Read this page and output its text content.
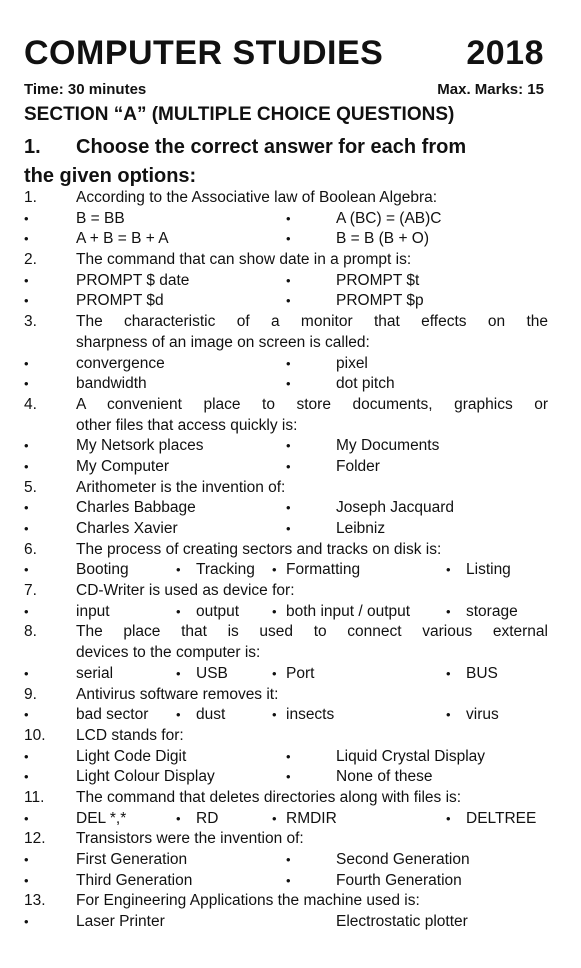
COMPUTER STUDIES 2018
Time: 30 minutes	Max. Marks: 15
SECTION “A” (MULTIPLE CHOICE QUESTIONS)
1. Choose the correct answer for each from
the given options:
1.	According to the Associative law of Boolean Algebra:
•	B = BB	•	A (BC) = (AB)C
•	A + B = B + A	•	B = B (B + O)
2.	The command that can show date in a prompt is:
•	PROMPT $ date	•	PROMPT $t
•	PROMPT $d	•	PROMPT $p
3.	The characteristic of a monitor that effects on the
sharpness of an image on screen is called:
•	convergence	•	pixel
•	bandwidth	•	dot pitch
4.	A convenient place to store documents, graphics or
other files that access quickly is:
•	My Netsork places	•	My Documents
•	My Computer	•	Folder
5.	Arithometer is the invention of:
•	Charles Babbage	•	Joseph Jacquard
•	Charles Xavier	•	Leibniz
6.	The process of creating sectors and tracks on disk is:
•	Booting	• Tracking • Formatting	• Listing
7.	CD-Writer is used as device for:
•	input	• output	• both input / output	• storage
8.	The place that is used to connect various external
devices to the computer is:
•	serial	• USB	• Port	• BUS
9.	Antivirus software removes it:
•	bad sector • dust	• insects	• virus
10. LCD stands for:
•	Light Code Digit	•	Liquid Crystal Display
•	Light Colour Display	•	None of these
11. The command that deletes directories along with files is:
•	DEL *,*	• RD	• RMDIR	• DELTREE
12. Transistors were the invention of:
•	First Generation	•	Second Generation
•	Third Generation	•	Fourth Generation
13. For Engineering Applications the machine used is:
•	Laser Printer	Electrostatic plotter
